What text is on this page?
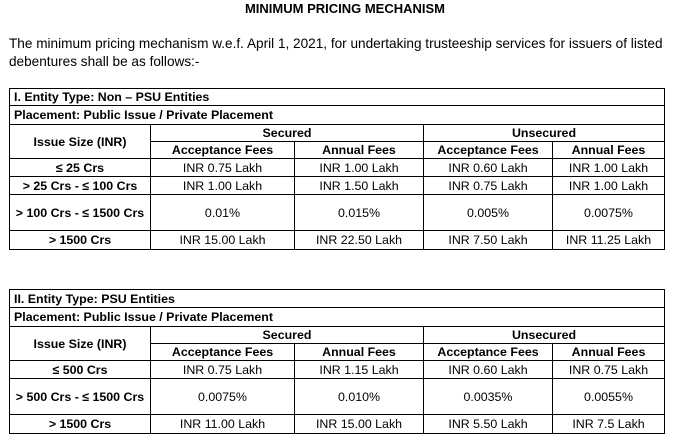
MINIMUM PRICING MECHANISM
The minimum pricing mechanism w.e.f. April 1, 2021, for undertaking trusteeship services for issuers of listed debentures shall be as follows:-
I. Entity Type: Non – PSU Entities				
Placement: Public Issue / Private Placement				
Issue Size (INR)	Secured		Unsecured	
	Acceptance Fees	Annual Fees	Acceptance Fees	Annual Fees
≤ 25 Crs	INR 0.75 Lakh	INR 1.00 Lakh	INR 0.60 Lakh	INR 1.00 Lakh
> 25 Crs - ≤ 100 Crs	INR 1.00 Lakh	INR 1.50 Lakh	INR 0.75 Lakh	INR 1.00 Lakh
> 100 Crs - ≤ 1500 Crs	0.01%	0.015%	0.005%	0.0075%
> 1500 Crs	INR 15.00 Lakh	INR 22.50 Lakh	INR 7.50 Lakh	INR 11.25 Lakh
II. Entity Type: PSU Entities				
Placement: Public Issue / Private Placement				
Issue Size (INR)	Secured		Unsecured	
	Acceptance Fees	Annual Fees	Acceptance Fees	Annual Fees
≤ 500 Crs	INR 0.75 Lakh	INR 1.15 Lakh	INR 0.60 Lakh	INR 0.75 Lakh
> 500 Crs - ≤ 1500 Crs	0.0075%	0.010%	0.0035%	0.0055%
> 1500 Crs	INR 11.00 Lakh	INR 15.00 Lakh	INR 5.50 Lakh	INR 7.5 Lakh
